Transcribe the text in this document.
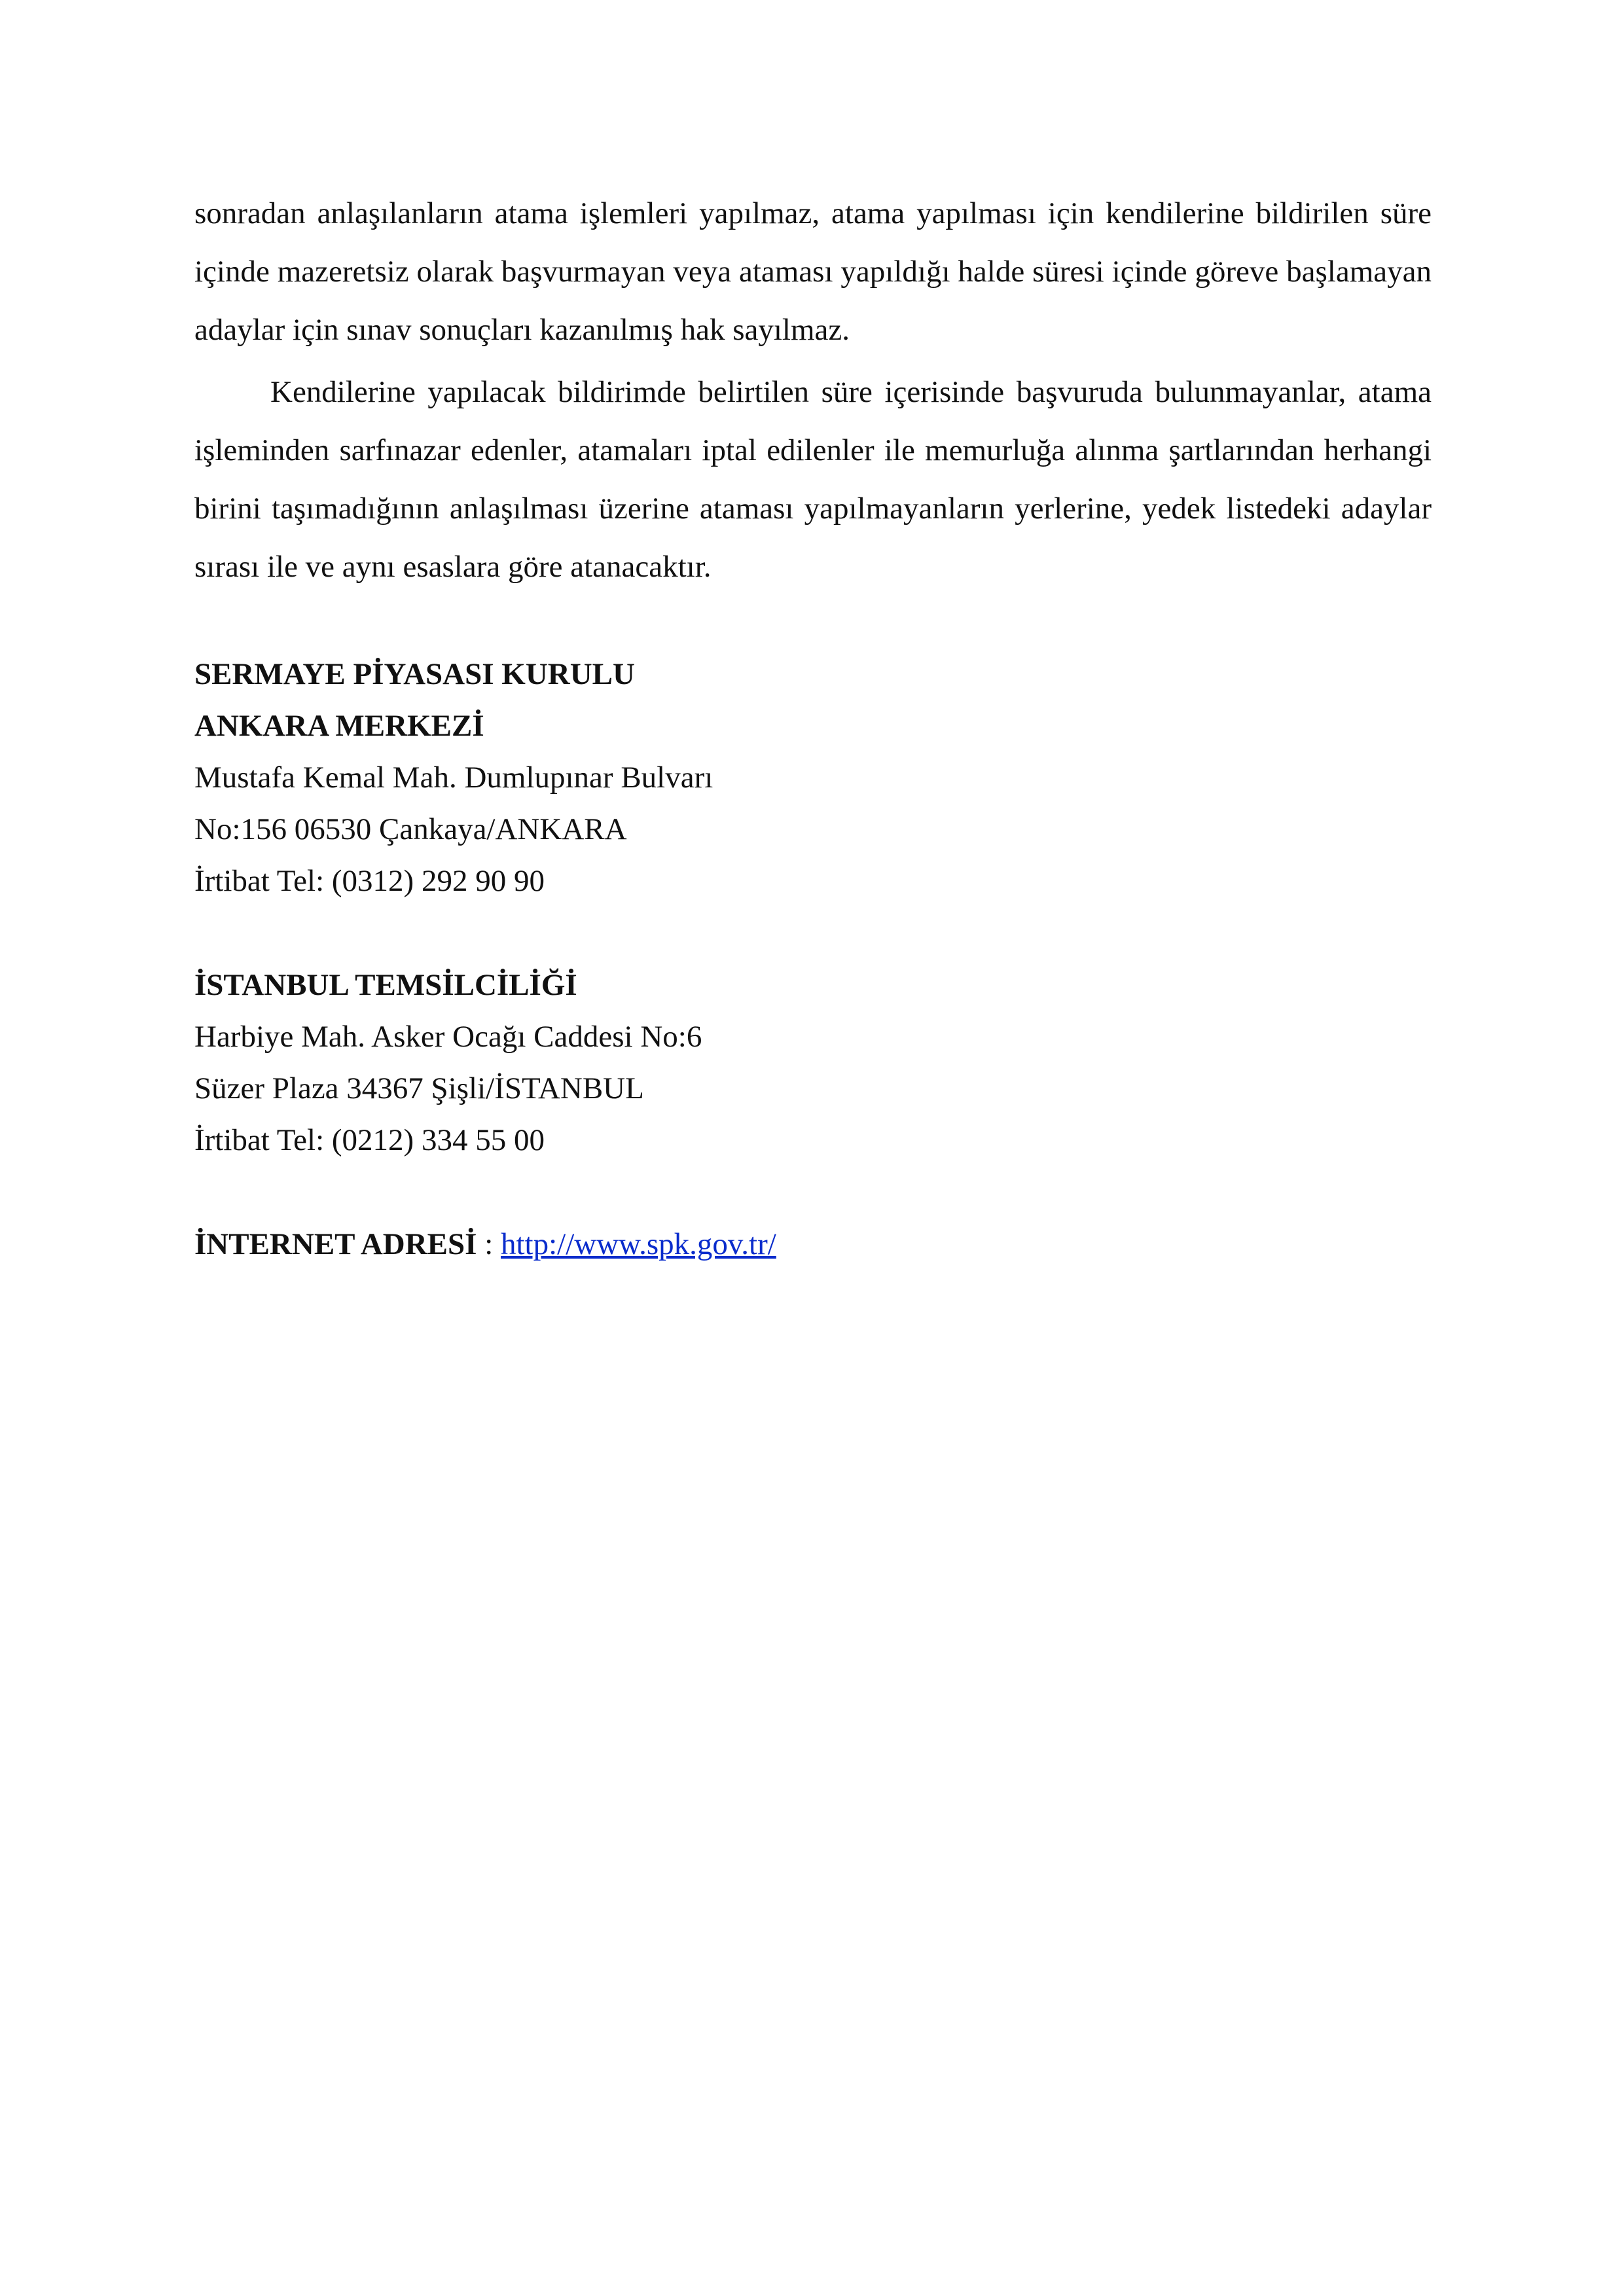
sonradan anlaşılanların atama işlemleri yapılmaz, atama yapılması için kendilerine bildirilen süre içinde mazeretsiz olarak başvurmayan veya ataması yapıldığı halde süresi içinde göreve başlamayan adaylar için sınav sonuçları kazanılmış hak sayılmaz.

Kendilerine yapılacak bildirimde belirtilen süre içerisinde başvuruda bulunmayanlar, atama işleminden sarfınazar edenler, atamaları iptal edilenler ile memurluğa alınma şartlarından herhangi birini taşımadığının anlaşılması üzerine ataması yapılmayanların yerlerine, yedek listedeki adaylar sırası ile ve aynı esaslara göre atanacaktır.

SERMAYE PİYASASI KURULU
ANKARA MERKEZİ
Mustafa Kemal Mah. Dumlupınar Bulvarı
No:156 06530 Çankaya/ANKARA
İrtibat Tel: (0312) 292 90 90
İSTANBUL TEMSİLCİLİĞİ
Harbiye Mah. Asker Ocağı Caddesi No:6
Süzer Plaza 34367 Şişli/İSTANBUL
İrtibat Tel: (0212) 334 55 00
İNTERNET ADRESİ : http://www.spk.gov.tr/
